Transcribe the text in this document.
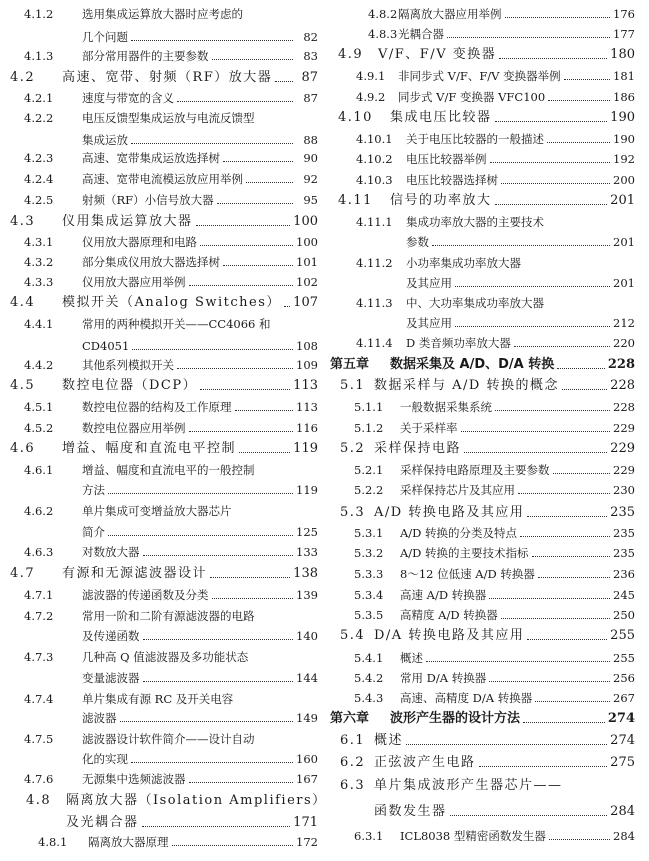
4.1.2	选用集成运算放大器时应考虑的
几个问题	82
4.1.3	部分常用器件的主要参数	83
4.2	高速、宽带、射频（RF）放大器	87
4.2.1	速度与带宽的含义	87
4.2.2	电压反馈型集成运放与电流反馈型
集成运放	88
4.2.3	高速、宽带集成运放选择树	90
4.2.4	高速、宽带电流模运放应用举例	92
4.2.5	射频（RF）小信号放大器	95
4.3	仪用集成运算放大器	100
4.3.1	仪用放大器原理和电路	100
4.3.2	部分集成仪用放大器选择树	101
4.3.3	仪用放大器应用举例	102
4.4	模拟开关（Analog Switches） 107
4.4.1	常用的两种模拟开关——CC4066 和
CD4051	108
4.4.2	其他系列模拟开关	109
4.5	数控电位器（DCP）	113
4.5.1	数控电位器的结构及工作原理	113
4.5.2	数控电位器应用举例	116
4.6	增益、幅度和直流电平控制	119
4.6.1	增益、幅度和直流电平的一般控制
方法	119
4.6.2	单片集成可变增益放大器芯片
简介	125
4.6.3	对数放大器	133
4.7	有源和无源滤波器设计	138
4.7.1	滤波器的传递函数及分类	139
4.7.2	常用一阶和二阶有源滤波器的电路
及传递函数	140
4.7.3	几种高 Q 值滤波器及多功能状态
变量滤波器	144
4.7.4	单片集成有源 RC 及开关电容
滤波器	149
4.7.5	滤波器设计软件简介——设计自动
化的实现	160
4.7.6	无源集中选频滤波器	167
4.8	隔离放大器（Isolation Amplifiers）
及光耦合器	171
4.8.1	隔离放大器原理	172
4.8.2 隔离放大器应用举例	176
4.8.3 光耦合器	177
4.9	V/F、F/V 变换器	180
4.9.1	非同步式 V/F、F/V 变换器举例	181
4.9.2	同步式 V/F 变换器 VFC100	186
4.10	集成电压比较器	190
4.10.1	关于电压比较器的一般描述	190
4.10.2	电压比较器举例	192
4.10.3	电压比较器选择树	200
4.11	信号的功率放大	201
4.11.1	集成功率放大器的主要技术
参数	201
4.11.2	小功率集成功率放大器
及其应用	201
4.11.3	中、大功率集成功率放大器
及其应用	212
4.11.4	D 类音频功率放大器	220
第五章	数据采集及 A/D、D/A 转换	228
5.1 数据采样与 A/D 转换的概念	228
5.1.1	一般数据采集系统	228
5.1.2	关于采样率	229
5.2 采样保持电路	229
5.2.1	采样保持电路原理及主要参数	229
5.2.2	采样保持芯片及其应用	230
5.3 A/D 转换电路及其应用	235
5.3.1	A/D 转换的分类及特点	235
5.3.2	A/D 转换的主要技术指标	235
5.3.3	8～12 位低速 A/D 转换器	236
5.3.4	高速 A/D 转换器	245
5.3.5	高精度 A/D 转换器	250
5.4 D/A 转换电路及其应用	255
5.4.1	概述	255
5.4.2	常用 D/A 转换器	256
5.4.3	高速、高精度 D/A 转换器	267
第六章	波形产生器的设计方法	274
6.1 概述	274
6.2 正弦波产生电路	275
6.3 单片集成波形产生器芯片——
函数发生器	284
6.3.1	ICL8038 型精密函数发生器	284
